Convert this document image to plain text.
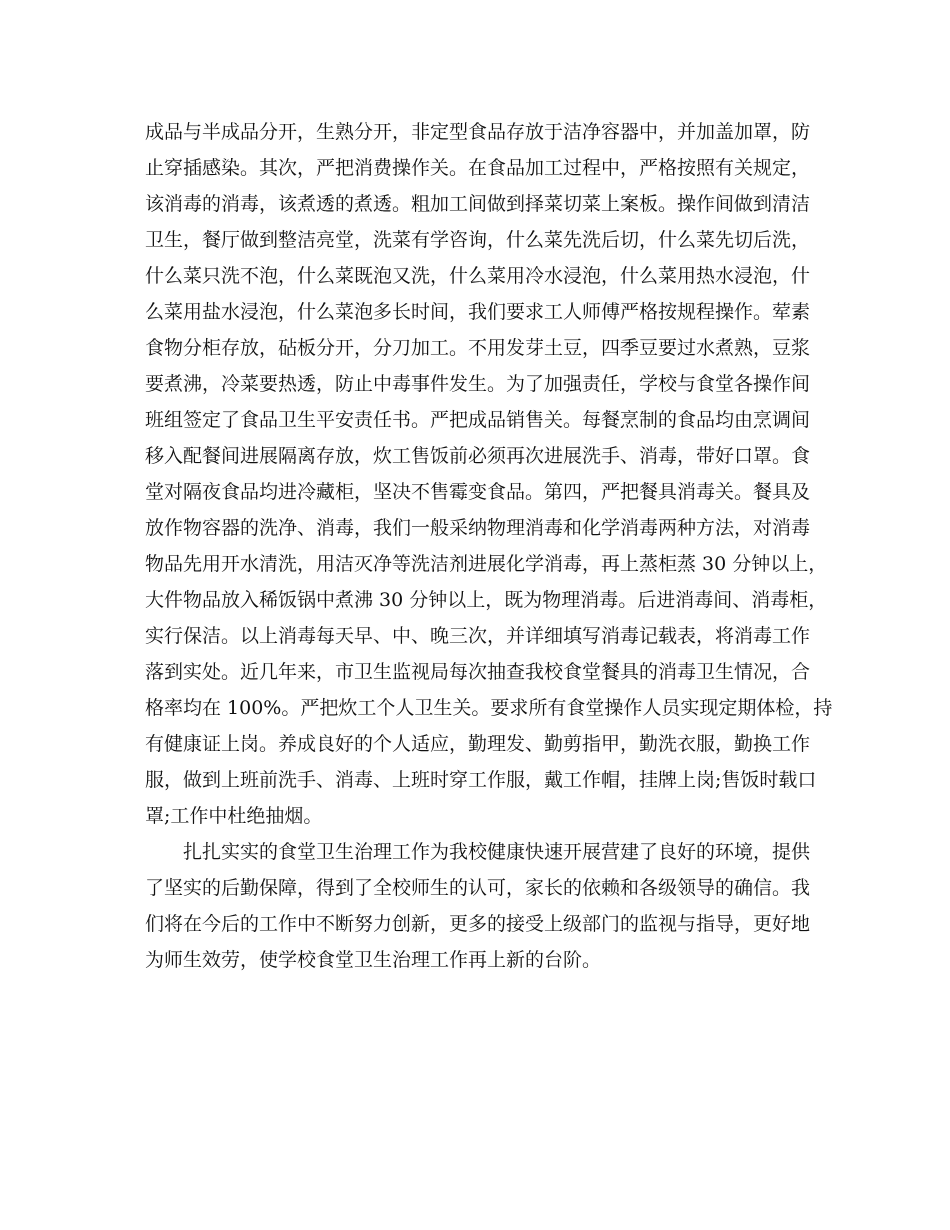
成品与半成品分开，生熟分开，非定型食品存放于洁净容器中，并加盖加罩，防
止穿插感染。其次，严把消费操作关。在食品加工过程中，严格按照有关规定，
该消毒的消毒，该煮透的煮透。粗加工间做到择菜切菜上案板。操作间做到清洁
卫生，餐厅做到整洁亮堂，洗菜有学咨询，什么菜先洗后切，什么菜先切后洗，
什么菜只洗不泡，什么菜既泡又洗，什么菜用冷水浸泡，什么菜用热水浸泡，什
么菜用盐水浸泡，什么菜泡多长时间，我们要求工人师傅严格按规程操作。荤素
食物分柜存放，砧板分开，分刀加工。不用发芽土豆，四季豆要过水煮熟，豆浆
要煮沸，冷菜要热透，防止中毒事件发生。为了加强责任，学校与食堂各操作间
班组签定了食品卫生平安责任书。严把成品销售关。每餐烹制的食品均由烹调间
移入配餐间进展隔离存放，炊工售饭前必须再次进展洗手、消毒，带好口罩。食
堂对隔夜食品均进冷藏柜，坚决不售霉变食品。第四，严把餐具消毒关。餐具及
放作物容器的洗净、消毒，我们一般采纳物理消毒和化学消毒两种方法，对消毒
物品先用开水清洗，用洁灭净等洗洁剂进展化学消毒，再上蒸柜蒸 30 分钟以上，
大件物品放入稀饭锅中煮沸 30 分钟以上，既为物理消毒。后进消毒间、消毒柜，
实行保洁。以上消毒每天早、中、晚三次，并详细填写消毒记载表，将消毒工作
落到实处。近几年来，市卫生监视局每次抽查我校食堂餐具的消毒卫生情况，合
格率均在 100%。严把炊工个人卫生关。要求所有食堂操作人员实现定期体检，持
有健康证上岗。养成良好的个人适应，勤理发、勤剪指甲，勤洗衣服，勤换工作
服，做到上班前洗手、消毒、上班时穿工作服，戴工作帽，挂牌上岗;售饭时载口
罩;工作中杜绝抽烟。
扎扎实实的食堂卫生治理工作为我校健康快速开展营建了良好的环境，提供
了坚实的后勤保障，得到了全校师生的认可，家长的依赖和各级领导的确信。我
们将在今后的工作中不断努力创新，更多的接受上级部门的监视与指导，更好地
为师生效劳，使学校食堂卫生治理工作再上新的台阶。
